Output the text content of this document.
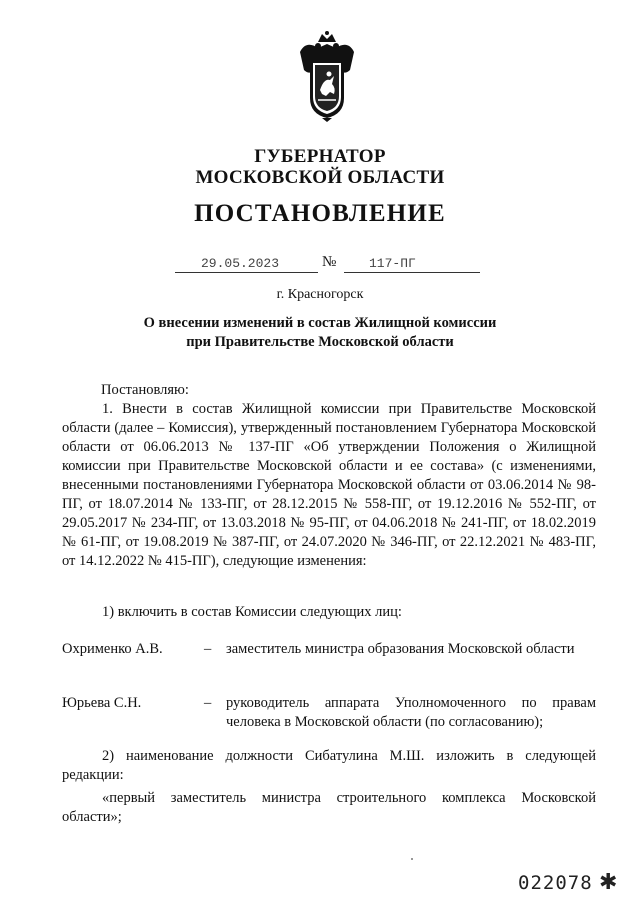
ГУБЕРНАТОР
МОСКОВСКОЙ ОБЛАСТИ
ПОСТАНОВЛЕНИЕ
29.05.2023	№	117-ПГ
г. Красногорск
О внесении изменений в состав Жилищной комиссии
при Правительстве Московской области
Постановляю:
1. Внести в состав Жилищной комиссии при Правительстве Московской области (далее – Комиссия), утвержденный постановлением Губернатора Московской области от 06.06.2013 № 137-ПГ «Об утверждении Положения о Жилищной комиссии при Правительстве Московской области и ее состава» (с изменениями, внесенными постановлениями Губернатора Московской области от 03.06.2014 № 98-ПГ, от 18.07.2014 № 133-ПГ, от 28.12.2015 № 558-ПГ, от 19.12.2016 № 552-ПГ, от 29.05.2017 № 234-ПГ, от 13.03.2018 № 95-ПГ, от 04.06.2018 № 241-ПГ, от 18.02.2019 № 61-ПГ, от 19.08.2019 № 387-ПГ, от 24.07.2020 № 346-ПГ, от 22.12.2021 № 483-ПГ, от 14.12.2022 № 415-ПГ), следующие изменения:
1) включить в состав Комиссии следующих лиц:
Охрименко А.В.	– заместитель министра образования Московской области
Юрьева С.Н.	– руководитель аппарата Уполномоченного по правам человека в Московской области (по согласованию);
2) наименование должности Сибатулина М.Ш. изложить в следующей редакции:
«первый заместитель министра строительного комплекса Московской области»;
022078 ✱
